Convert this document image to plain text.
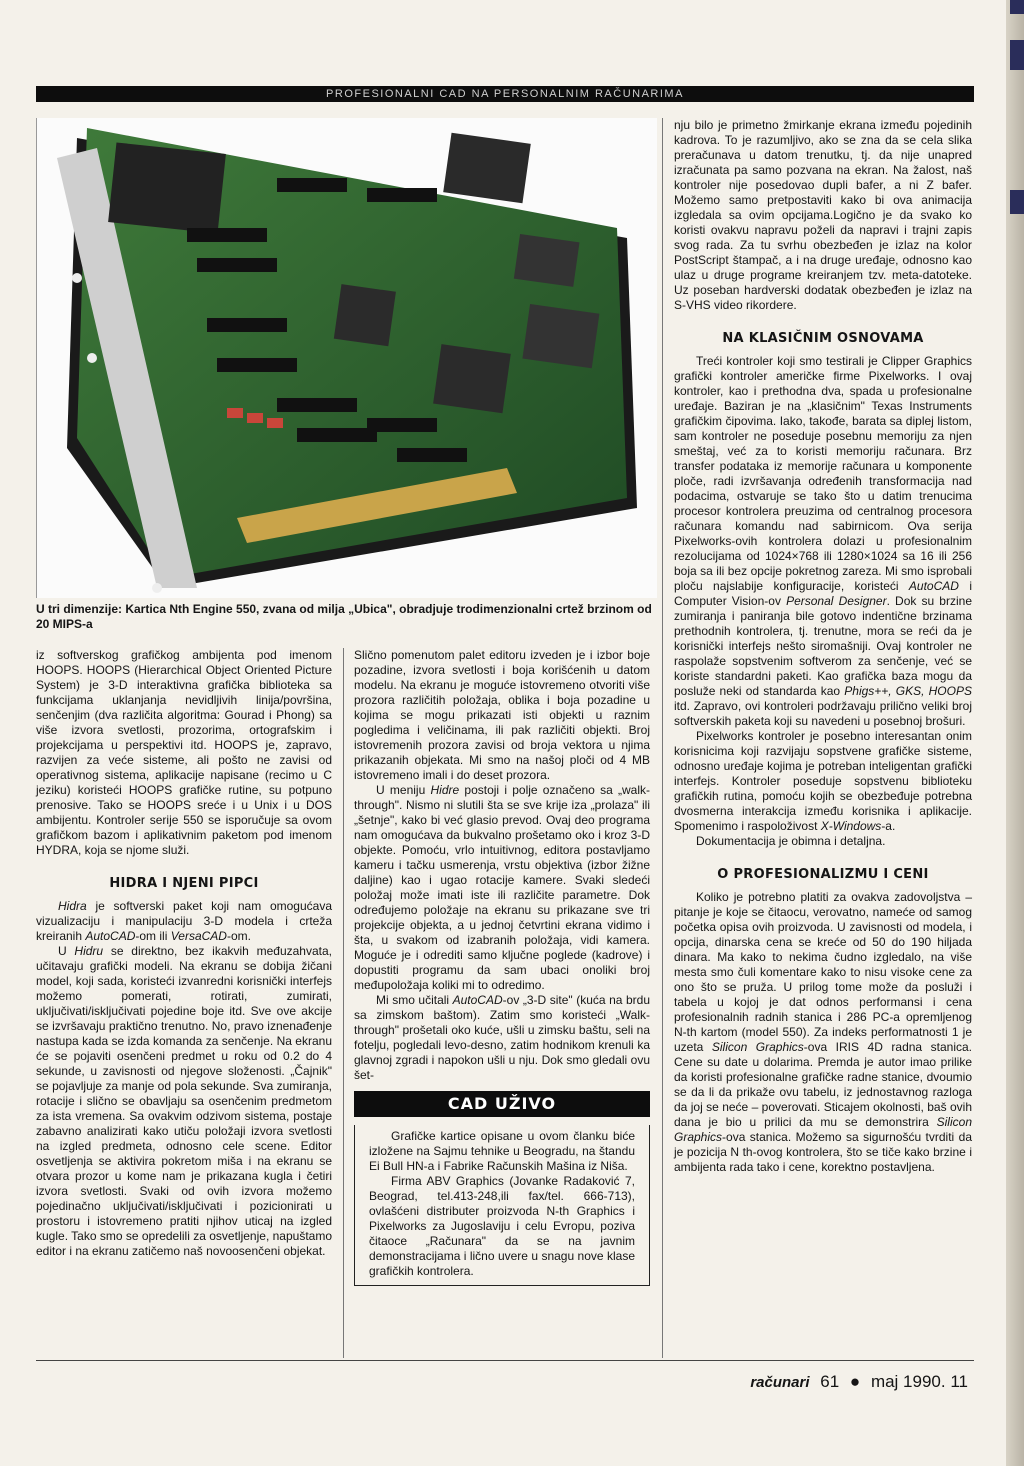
PROFESIONALNI CAD NA PERSONALNIM RAČUNARIMA
U tri dimenzije: Kartica Nth Engine 550, zvana od milja „Ubica", obradjuje trodimenzionalni crtež brzinom od 20 MIPS-a

iz softverskog grafičkog ambijenta pod imenom HOOPS. HOOPS (Hierarchical Object Oriented Picture System) je 3-D interaktivna grafička biblioteka sa funkcijama uklanjanja nevidljivih linija/površina, senčenjim (dva različita algoritma: Gourad i Phong) sa više izvora svetlosti, prozorima, ortografskim i projekcijama u perspektivi itd. HOOPS je, zapravo, razvijen za veće sisteme, ali pošto ne zavisi od operativnog sistema, aplikacije napisane (recimo u C jeziku) koristeći HOOPS grafičke rutine, su potpuno prenosive. Tako se HOOPS sreće i u Unix i u DOS ambijentu. Kontroler serije 550 se isporučuje sa ovom grafičkom bazom i aplikativnim paketom pod imenom HYDRA, koja se njome služi.

HIDRA I NJENI PIPCI

Hidra je softverski paket koji nam omogućava vizualizaciju i manipulaciju 3-D modela i crteža kreiranih AutoCAD-om ili VersaCAD-om.

U Hidru se direktno, bez ikakvih međuzahvata, učitavaju grafički modeli. Na ekranu se dobija žičani model, koji sada, koristeći izvanredni korisnički interfejs možemo pomerati, rotirati, zumirati, uključivati/isključivati pojedine boje itd. Sve ove akcije se izvršavaju praktično trenutno. No, pravo iznenađenje nastupa kada se izda komanda za senčenje. Na ekranu će se pojaviti osenčeni predmet u roku od 0.2 do 4 sekunde, u zavisnosti od njegove složenosti. „Čajnik" se pojavljuje za manje od pola sekunde. Sva zumiranja, rotacije i slično se obavljaju sa osenčenim predmetom za ista vremena. Sa ovakvim odzivom sistema, postaje zabavno analizirati kako utiču položaji izvora svetlosti na izgled predmeta, odnosno cele scene. Editor osvetljenja se aktivira pokretom miša i na ekranu se otvara prozor u kome nam je prikazana kugla i četiri izvora svetlosti. Svaki od ovih izvora možemo pojedinačno uključivati/isključivati i pozicionirati u prostoru i istovremeno pratiti njihov uticaj na izgled kugle. Tako smo se opredelili za osvetljenje, napuštamo editor i na ekranu zatičemo naš novoosenčeni objekat.

Slično pomenutom palet editoru izveden je i izbor boje pozadine, izvora svetlosti i boja korišćenih u datom modelu. Na ekranu je moguće istovremeno otvoriti više prozora različitih položaja, oblika i boja pozadine u kojima se mogu prikazati isti objekti u raznim pogledima i veličinama, ili pak različiti objekti. Broj istovremenih prozora zavisi od broja vektora u njima prikazanih objekata. Mi smo na našoj ploči od 4 MB istovremeno imali i do deset prozora.

U meniju Hidre postoji i polje označeno sa „walk-through". Nismo ni slutili šta se sve krije iza „prolaza" ili „šetnje", kako bi već glasio prevod. Ovaj deo programa nam omogućava da bukvalno prošetamo oko i kroz 3-D objekte. Pomoću, vrlo intuitivnog, editora postavljamo kameru i tačku usmerenja, vrstu objektiva (izbor žižne daljine) kao i ugao rotacije kamere. Svaki sledeći položaj može imati iste ili različite parametre. Dok određujemo položaje na ekranu su prikazane sve tri projekcije objekta, a u jednoj četvrtini ekrana vidimo i šta, u svakom od izabranih položaja, vidi kamera. Moguće je i odrediti samo ključne poglede (kadrove) i dopustiti programu da sam ubaci onoliki broj međupoložaja koliki mi to odredimo.

Mi smo učitali AutoCAD-ov „3-D site" (kuća na brdu sa zimskom baštom). Zatim smo koristeći „Walk-through" prošetali oko kuće, ušli u zimsku baštu, seli na fotelju, pogledali levo-desno, zatim hodnikom krenuli ka glavnoj zgradi i napokon ušli u nju. Dok smo gledali ovu šet-

CAD UŽIVO

Grafičke kartice opisane u ovom članku biće izložene na Sajmu tehnike u Beogradu, na štandu Ei Bull HN-a i Fabrike Računskih Mašina iz Niša.

Firma ABV Graphics (Jovanke Radaković 7, Beograd, tel.413-248,ili fax/tel. 666-713), ovlašćeni distributer proizvoda N-th Graphics i Pixelworks za Jugoslaviju i celu Evropu, poziva čitaoce „Računara" da se na javnim demonstracijama i lično uvere u snagu nove klase grafičkih kontrolera.

nju bilo je primetno žmirkanje ekrana između pojedinih kadrova. To je razumljivo, ako se zna da se cela slika preračunava u datom trenutku, tj. da nije unapred izračunata pa samo pozvana na ekran. Na žalost, naš kontroler nije posedovao dupli bafer, a ni Z bafer. Možemo samo pretpostaviti kako bi ova animacija izgledala sa ovim opcijama.Logično je da svako ko koristi ovakvu napravu poželi da napravi i trajni zapis svog rada. Za tu svrhu obezbeđen je izlaz na kolor PostScript štampač, a i na druge uređaje, odnosno kao ulaz u druge programe kreiranjem tzv. meta-datoteke. Uz poseban hardverski dodatak obezbeđen je izlaz na S-VHS video rikordere.

NA KLASIČNIM OSNOVAMA

Treći kontroler koji smo testirali je Clipper Graphics grafički kontroler američke firme Pixelworks. I ovaj kontroler, kao i prethodna dva, spada u profesionalne uređaje. Baziran je na „klasičnim" Texas Instruments grafičkim čipovima. Iako, takođe, barata sa diplej listom, sam kontroler ne poseduje posebnu memoriju za njen smeštaj, već za to koristi memoriju računara. Brz transfer podataka iz memorije računara u komponente ploče, radi izvršavanja određenih transformacija nad podacima, ostvaruje se tako što u datim trenucima procesor kontrolera preuzima od centralnog procesora računara komandu nad sabirnicom. Ova serija Pixelworks-ovih kontrolera dolazi u profesionalnim rezolucijama od 1024×768 ili 1280×1024 sa 16 ili 256 boja sa ili bez opcije pokretnog zareza. Mi smo isprobali ploču najslabije konfiguracije, koristeći AutoCAD i Computer Vision-ov Personal Designer. Dok su brzine zumiranja i paniranja bile gotovo indentične brzinama prethodnih kontrolera, tj. trenutne, mora se reći da je korisnički interfejs nešto siromašniji. Ovaj kontroler ne raspolaže sopstvenim softverom za senčenje, već se koriste standardni paketi. Kao grafička baza mogu da posluže neki od standarda kao Phigs++, GKS, HOOPS itd. Zapravo, ovi kontroleri podržavaju prilično veliki broj softverskih paketa koji su navedeni u posebnoj brošuri.

Pixelworks kontroler je posebno interesantan onim korisnicima koji razvijaju sopstvene grafičke sisteme, odnosno uređaje kojima je potreban inteligentan grafički interfejs. Kontroler poseduje sopstvenu biblioteku grafičkih rutina, pomoću kojih se obezbeđuje potrebna dvosmerna interakcija između korisnika i aplikacije. Spomenimo i raspoloživost X-Windows-a.

Dokumentacija je obimna i detaljna.

O PROFESIONALIZMU I CENI

Koliko je potrebno platiti za ovakva zadovoljstva – pitanje je koje se čitaocu, verovatno, nameće od samog početka opisa ovih proizvoda. U zavisnosti od modela, i opcija, dinarska cena se kreće od 50 do 190 hiljada dinara. Ma kako to nekima čudno izgledalo, na više mesta smo čuli komentare kako to nisu visoke cene za ono što se pruža. U prilog tome može da posluži i tabela u kojoj je dat odnos performansi i cena profesionalnih radnih stanica i 286 PC-a opremljenog N-th kartom (model 550). Za indeks performatnosti 1 je uzeta Silicon Graphics-ova IRIS 4D radna stanica. Cene su date u dolarima. Premda je autor imao prilike da koristi profesionalne grafičke radne stanice, dvoumio se da li da prikaže ovu tabelu, iz jednostavnog razloga da joj se neće – poverovati. Sticajem okolnosti, baš ovih dana je bio u prilici da mu se demonstrira Silicon Graphics-ova stanica. Možemo sa sigurnošću tvrditi da je pozicija N th-ovog kontrolera, što se tiče kako brzine i ambijenta rada tako i cene, korektno postavljena.

računari 61 ● maj 1990. 11
